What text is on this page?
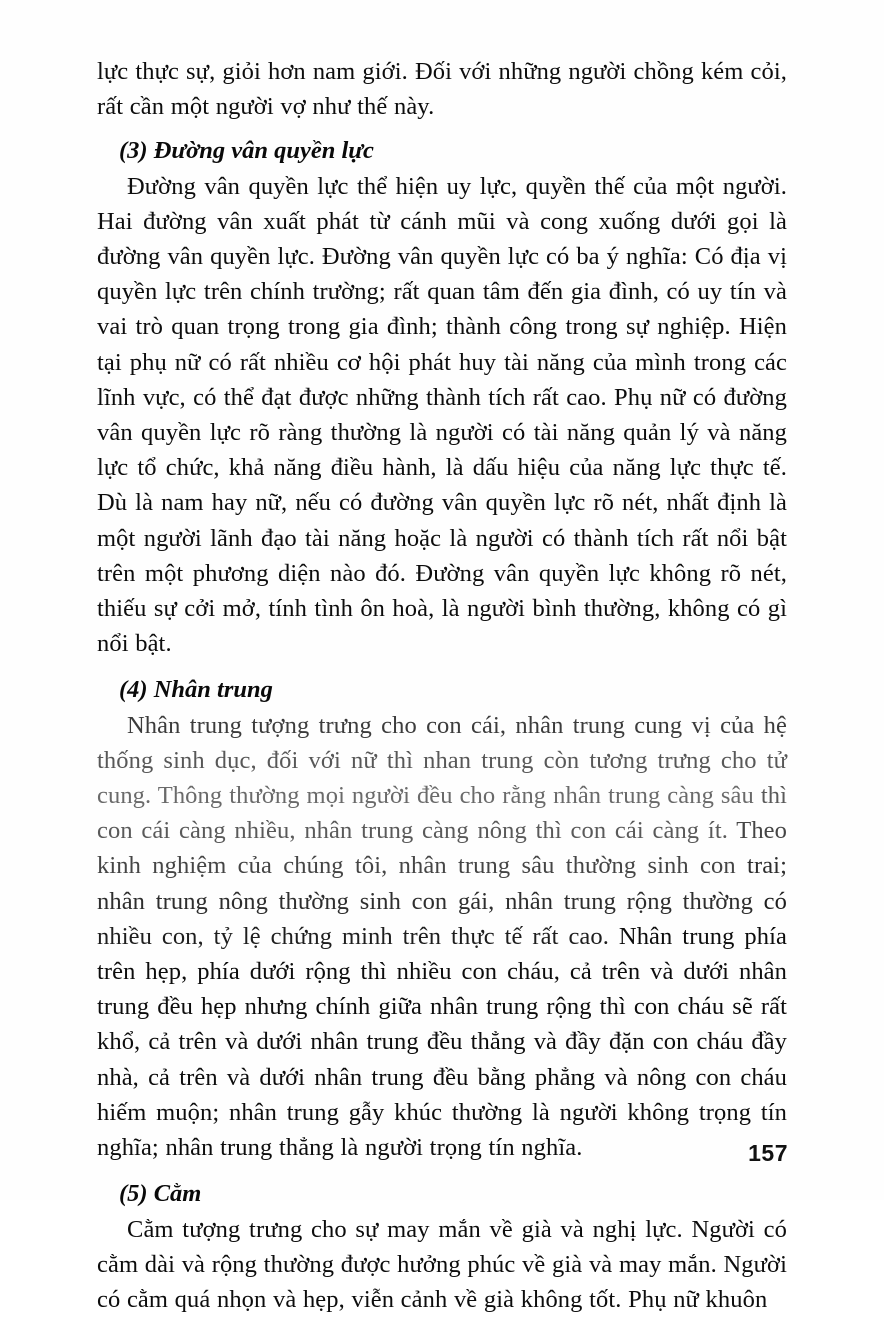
lực thực sự, giỏi hơn nam giới. Đối với những người chồng kém cỏi, rất cần một người vợ như thế này.

(3) Đường vân quyền lực

Đường vân quyền lực thể hiện uy lực, quyền thế của một người. Hai đường vân xuất phát từ cánh mũi và cong xuống dưới gọi là đường vân quyền lực. Đường vân quyền lực có ba ý nghĩa: Có địa vị quyền lực trên chính trường; rất quan tâm đến gia đình, có uy tín và vai trò quan trọng trong gia đình; thành công trong sự nghiệp. Hiện tại phụ nữ có rất nhiều cơ hội phát huy tài năng của mình trong các lĩnh vực, có thể đạt được những thành tích rất cao. Phụ nữ có đường vân quyền lực rõ ràng thường là người có tài năng quản lý và năng lực tổ chức, khả năng điều hành, là dấu hiệu của năng lực thực tế. Dù là nam hay nữ, nếu có đường vân quyền lực rõ nét, nhất định là một người lãnh đạo tài năng hoặc là người có thành tích rất nổi bật trên một phương diện nào đó. Đường vân quyền lực không rõ nét, thiếu sự cởi mở, tính tình ôn hoà, là người bình thường, không có gì nổi bật.

(4) Nhân trung

Nhân trung tượng trưng cho con cái, nhân trung cung vị của hệ thống sinh dục, đối với nữ thì nhan trung còn tương trưng cho tử cung. Thông thường mọi người đều cho rằng nhân trung càng sâu thì con cái càng nhiều, nhân trung càng nông thì con cái càng ít. Theo kinh nghiệm của chúng tôi, nhân trung sâu thường sinh con trai; nhân trung nông thường sinh con gái, nhân trung rộng thường có nhiều con, tỷ lệ chứng minh trên thực tế rất cao. Nhân trung phía trên hẹp, phía dưới rộng thì nhiều con cháu, cả trên và dưới nhân trung đều hẹp nhưng chính giữa nhân trung rộng thì con cháu sẽ rất khổ, cả trên và dưới nhân trung đều thẳng và đầy đặn con cháu đầy nhà, cả trên và dưới nhân trung đều bằng phẳng và nông con cháu hiếm muộn; nhân trung gẫy khúc thường là người không trọng tín nghĩa; nhân trung thẳng là người trọng tín nghĩa.

(5) Cằm

Cằm tượng trưng cho sự may mắn về già và nghị lực. Người có cằm dài và rộng thường được hưởng phúc về già và may mắn. Người có cằm quá nhọn và hẹp, viễn cảnh về già không tốt. Phụ nữ khuôn

157
